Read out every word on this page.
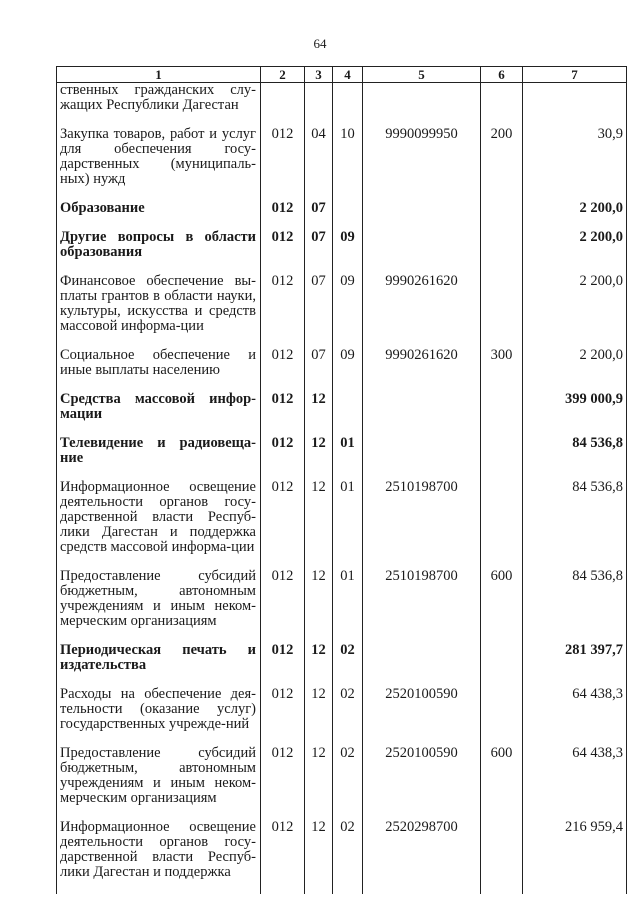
64
1	2	3	4	5	6	7
ственных гражданских слу-жащих Республики Дагестан						
Закупка товаров, работ и услуг для обеспечения госу-дарственных (муниципаль-ных) нужд	012	04	10	9990099950	200	30,9
Образование	012	07				2 200,0
Другие вопросы в области образования	012	07	09			2 200,0
Финансовое обеспечение вы-платы грантов в области науки, культуры, искусства и средств массовой информа-ции	012	07	09	9990261620		2 200,0
Социальное обеспечение и иные выплаты населению	012	07	09	9990261620	300	2 200,0
Средства массовой инфор-мации	012	12				399 000,9
Телевидение и радиовеща-ние	012	12	01			84 536,8
Информационное освещение деятельности органов госу-дарственной власти Респуб-лики Дагестан и поддержка средств массовой информа-ции	012	12	01	2510198700		84 536,8
Предоставление субсидий бюджетным, автономным учреждениям и иным неком-мерческим организациям	012	12	01	2510198700	600	84 536,8
Периодическая печать и издательства	012	12	02			281 397,7
Расходы на обеспечение дея-тельности (оказание услуг) государственных учрежде-ний	012	12	02	2520100590		64 438,3
Предоставление субсидий бюджетным, автономным учреждениям и иным неком-мерческим организациям	012	12	02	2520100590	600	64 438,3
Информационное освещение деятельности органов госу-дарственной власти Респуб-лики Дагестан и поддержка	012	12	02	2520298700		216 959,4
